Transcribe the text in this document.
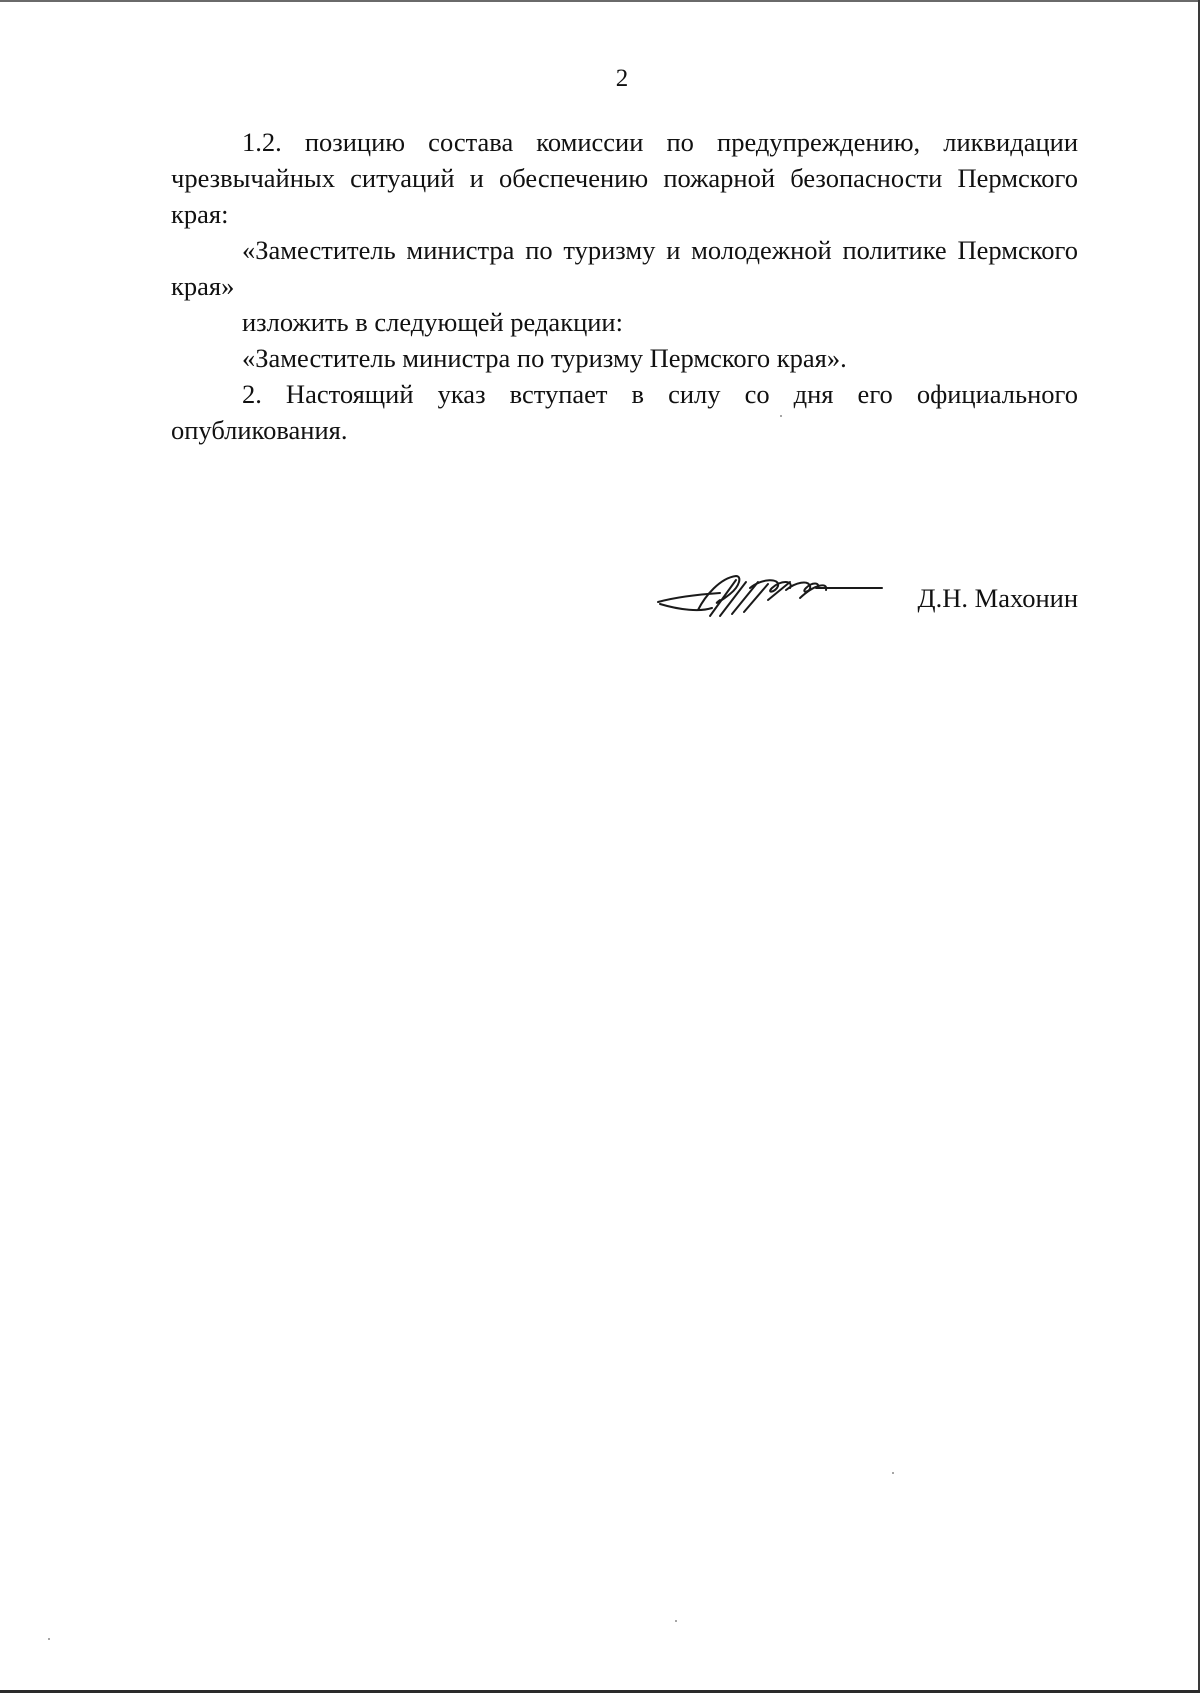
2

1.2. позицию состава комиссии по предупреждению, ликвидации чрезвычайных ситуаций и обеспечению пожарной безопасности Пермского края:

«Заместитель министра по туризму и молодежной политике Пермского края»

изложить в следующей редакции:

«Заместитель министра по туризму Пермского края».

2. Настоящий указ вступает в силу со дня его официального опубликования.

Д.Н. Махонин
